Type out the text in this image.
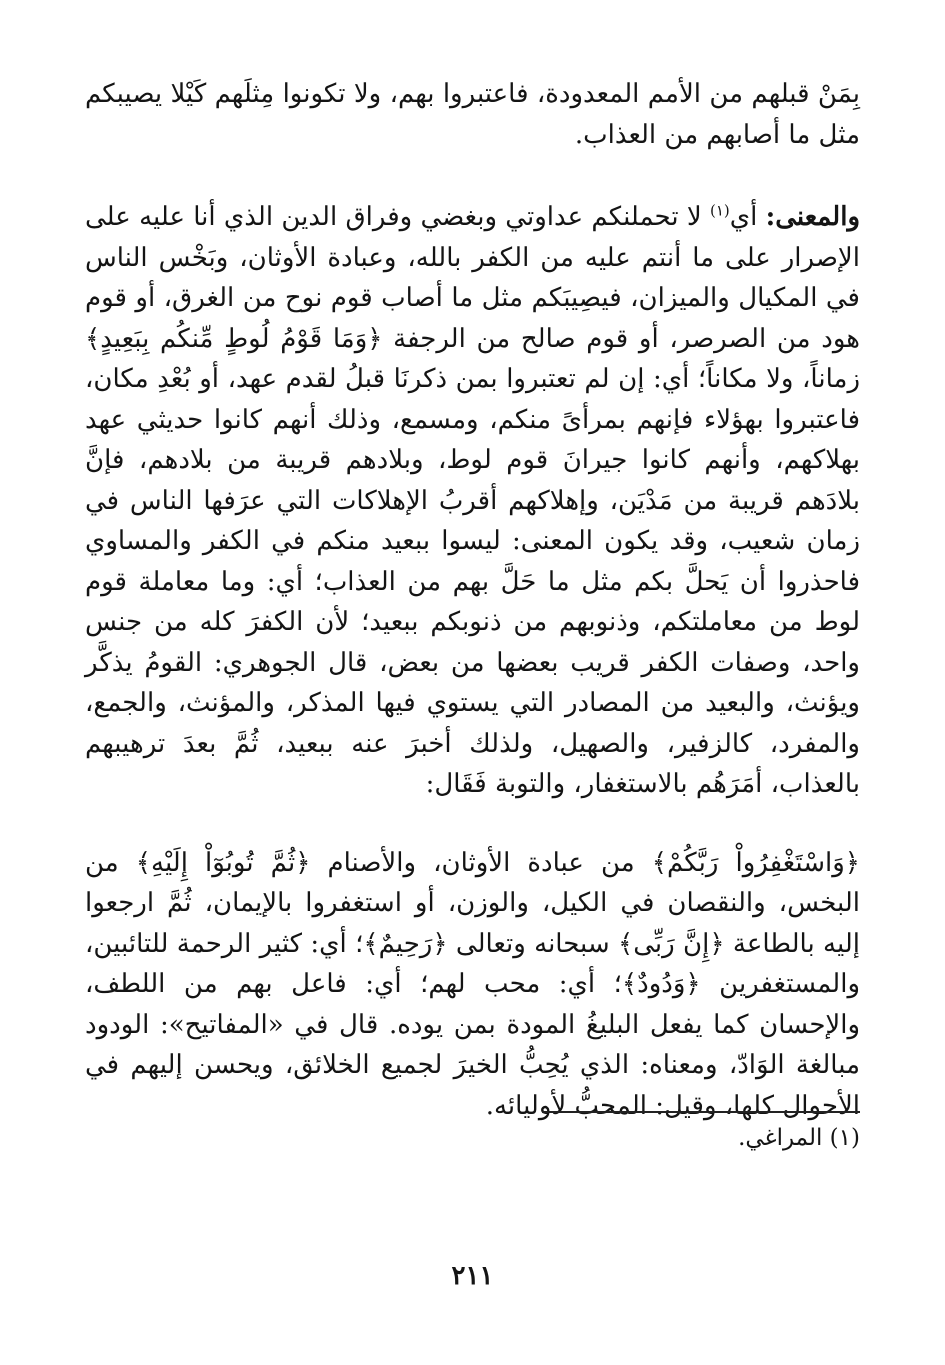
بِمَنْ قبلهم من الأمم المعدودة، فاعتبروا بهم، ولا تكونوا مِثلَهم كَيْلا يصيبكم مثل ما أصابهم من العذاب.

والمعنى: أي$^{(١)}$ لا تحملنكم عداوتي وبغضي وفراق الدين الذي أنا عليه على الإصرار على ما أنتم عليه من الكفر بالله، وعبادة الأوثان، وبَخْس الناس في المكيال والميزان، فيصِيبَكم مثل ما أصاب قوم نوح من الغرق، أو قوم هود من الصرصر، أو قوم صالح من الرجفة ﴿وَمَا قَوْمُ لُوطٍ مِّنكُم بِبَعِيدٍ﴾ زماناً، ولا مكاناً؛ أي: إن لم تعتبروا بمن ذكرنَا قبلُ لقدم عهد، أو بُعْدِ مكان، فاعتبروا بهؤلاء فإنهم بمرأىً منكم، ومسمع، وذلك أنهم كانوا حديثي عهد بهلاكهم، وأنهم كانوا جيرانَ قوم لوط، وبلادهم قريبة من بلادهم، فإنَّ بلادَهم قريبة من مَدْيَن، وإهلاكهم أقربُ الإهلاكات التي عرَفها الناس في زمان شعيب، وقد يكون المعنى: ليسوا ببعيد منكم في الكفر والمساوي فاحذروا أن يَحلَّ بكم مثل ما حَلَّ بهم من العذاب؛ أي: وما معاملة قوم لوط من معاملتكم، وذنوبهم من ذنوبكم ببعيد؛ لأن الكفرَ كله من جنس واحد، وصفات الكفر قريب بعضها من بعض، قال الجوهري: القومُ يذكَّر ويؤنث، والبعيد من المصادر التي يستوي فيها المذكر، والمؤنث، والجمع، والمفرد، كالزفير، والصهيل، ولذلك أخبرَ عنه ببعيد، ثُمَّ بعدَ ترهيبهم بالعذاب، أمَرَهُم بالاستغفار، والتوبة فَقَال:

﴿وَاسْتَغْفِرُواْ رَبَّكُمْ﴾ من عبادة الأوثان، والأصنام ﴿ثُمَّ تُوبُوٓاْ إِلَيْهِ﴾ من البخس، والنقصان في الكيل، والوزن، أو استغفروا بالإيمان، ثُمَّ ارجعوا إليه بالطاعة ﴿إِنَّ رَبِّى﴾ سبحانه وتعالى ﴿رَحِيمٌ﴾؛ أي: كثير الرحمة للتائبين، والمستغفرين ﴿وَدُودٌ﴾؛ أي: محب لهم؛ أي: فاعل بهم من اللطف، والإحسان كما يفعل البليغُ المودة بمن يوده. قال في «المفاتيح»: الودود مبالغة الوَادّ، ومعناه: الذي يُحِبُّ الخيرَ لجميع الخلائق، ويحسن إليهم في الأحوال كلها، وقيل: المحبُّ لأوليائه.

(١) المراغي.

٢١١
